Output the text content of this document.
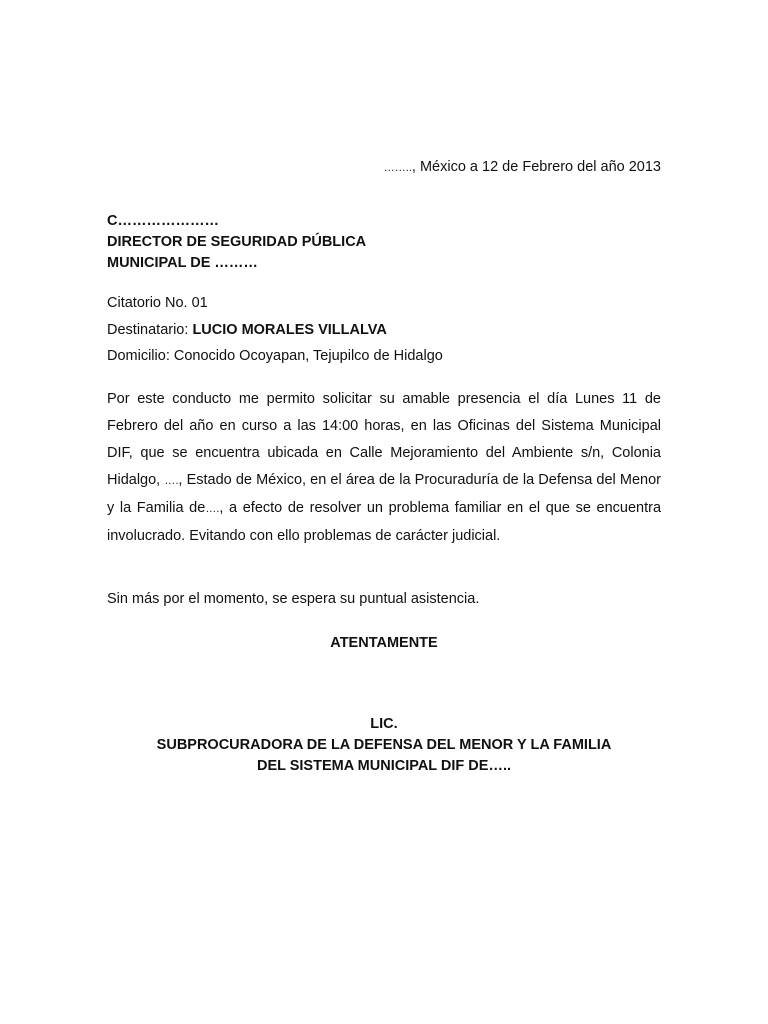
…….., México a 12 de Febrero del año 2013
C…………………
DIRECTOR DE SEGURIDAD PÚBLICA
MUNICIPAL DE ………
Citatorio No. 01
Destinatario: LUCIO MORALES VILLALVA
Domicilio: Conocido Ocoyapan, Tejupilco de Hidalgo
Por este conducto me permito solicitar su amable presencia el día Lunes 11 de Febrero del año en curso a las 14:00 horas, en las Oficinas del Sistema Municipal DIF, que se encuentra ubicada en Calle Mejoramiento del Ambiente s/n, Colonia Hidalgo, …., Estado de México, en el área de la Procuraduría de la Defensa del Menor y la Familia de…., a efecto de resolver un problema familiar en el que se encuentra involucrado. Evitando con ello problemas de carácter judicial.
Sin más por el momento, se espera su puntual asistencia.
ATENTAMENTE
LIC.
SUBPROCURADORA DE LA DEFENSA DEL MENOR Y LA FAMILIA
DEL SISTEMA MUNICIPAL DIF DE…..
